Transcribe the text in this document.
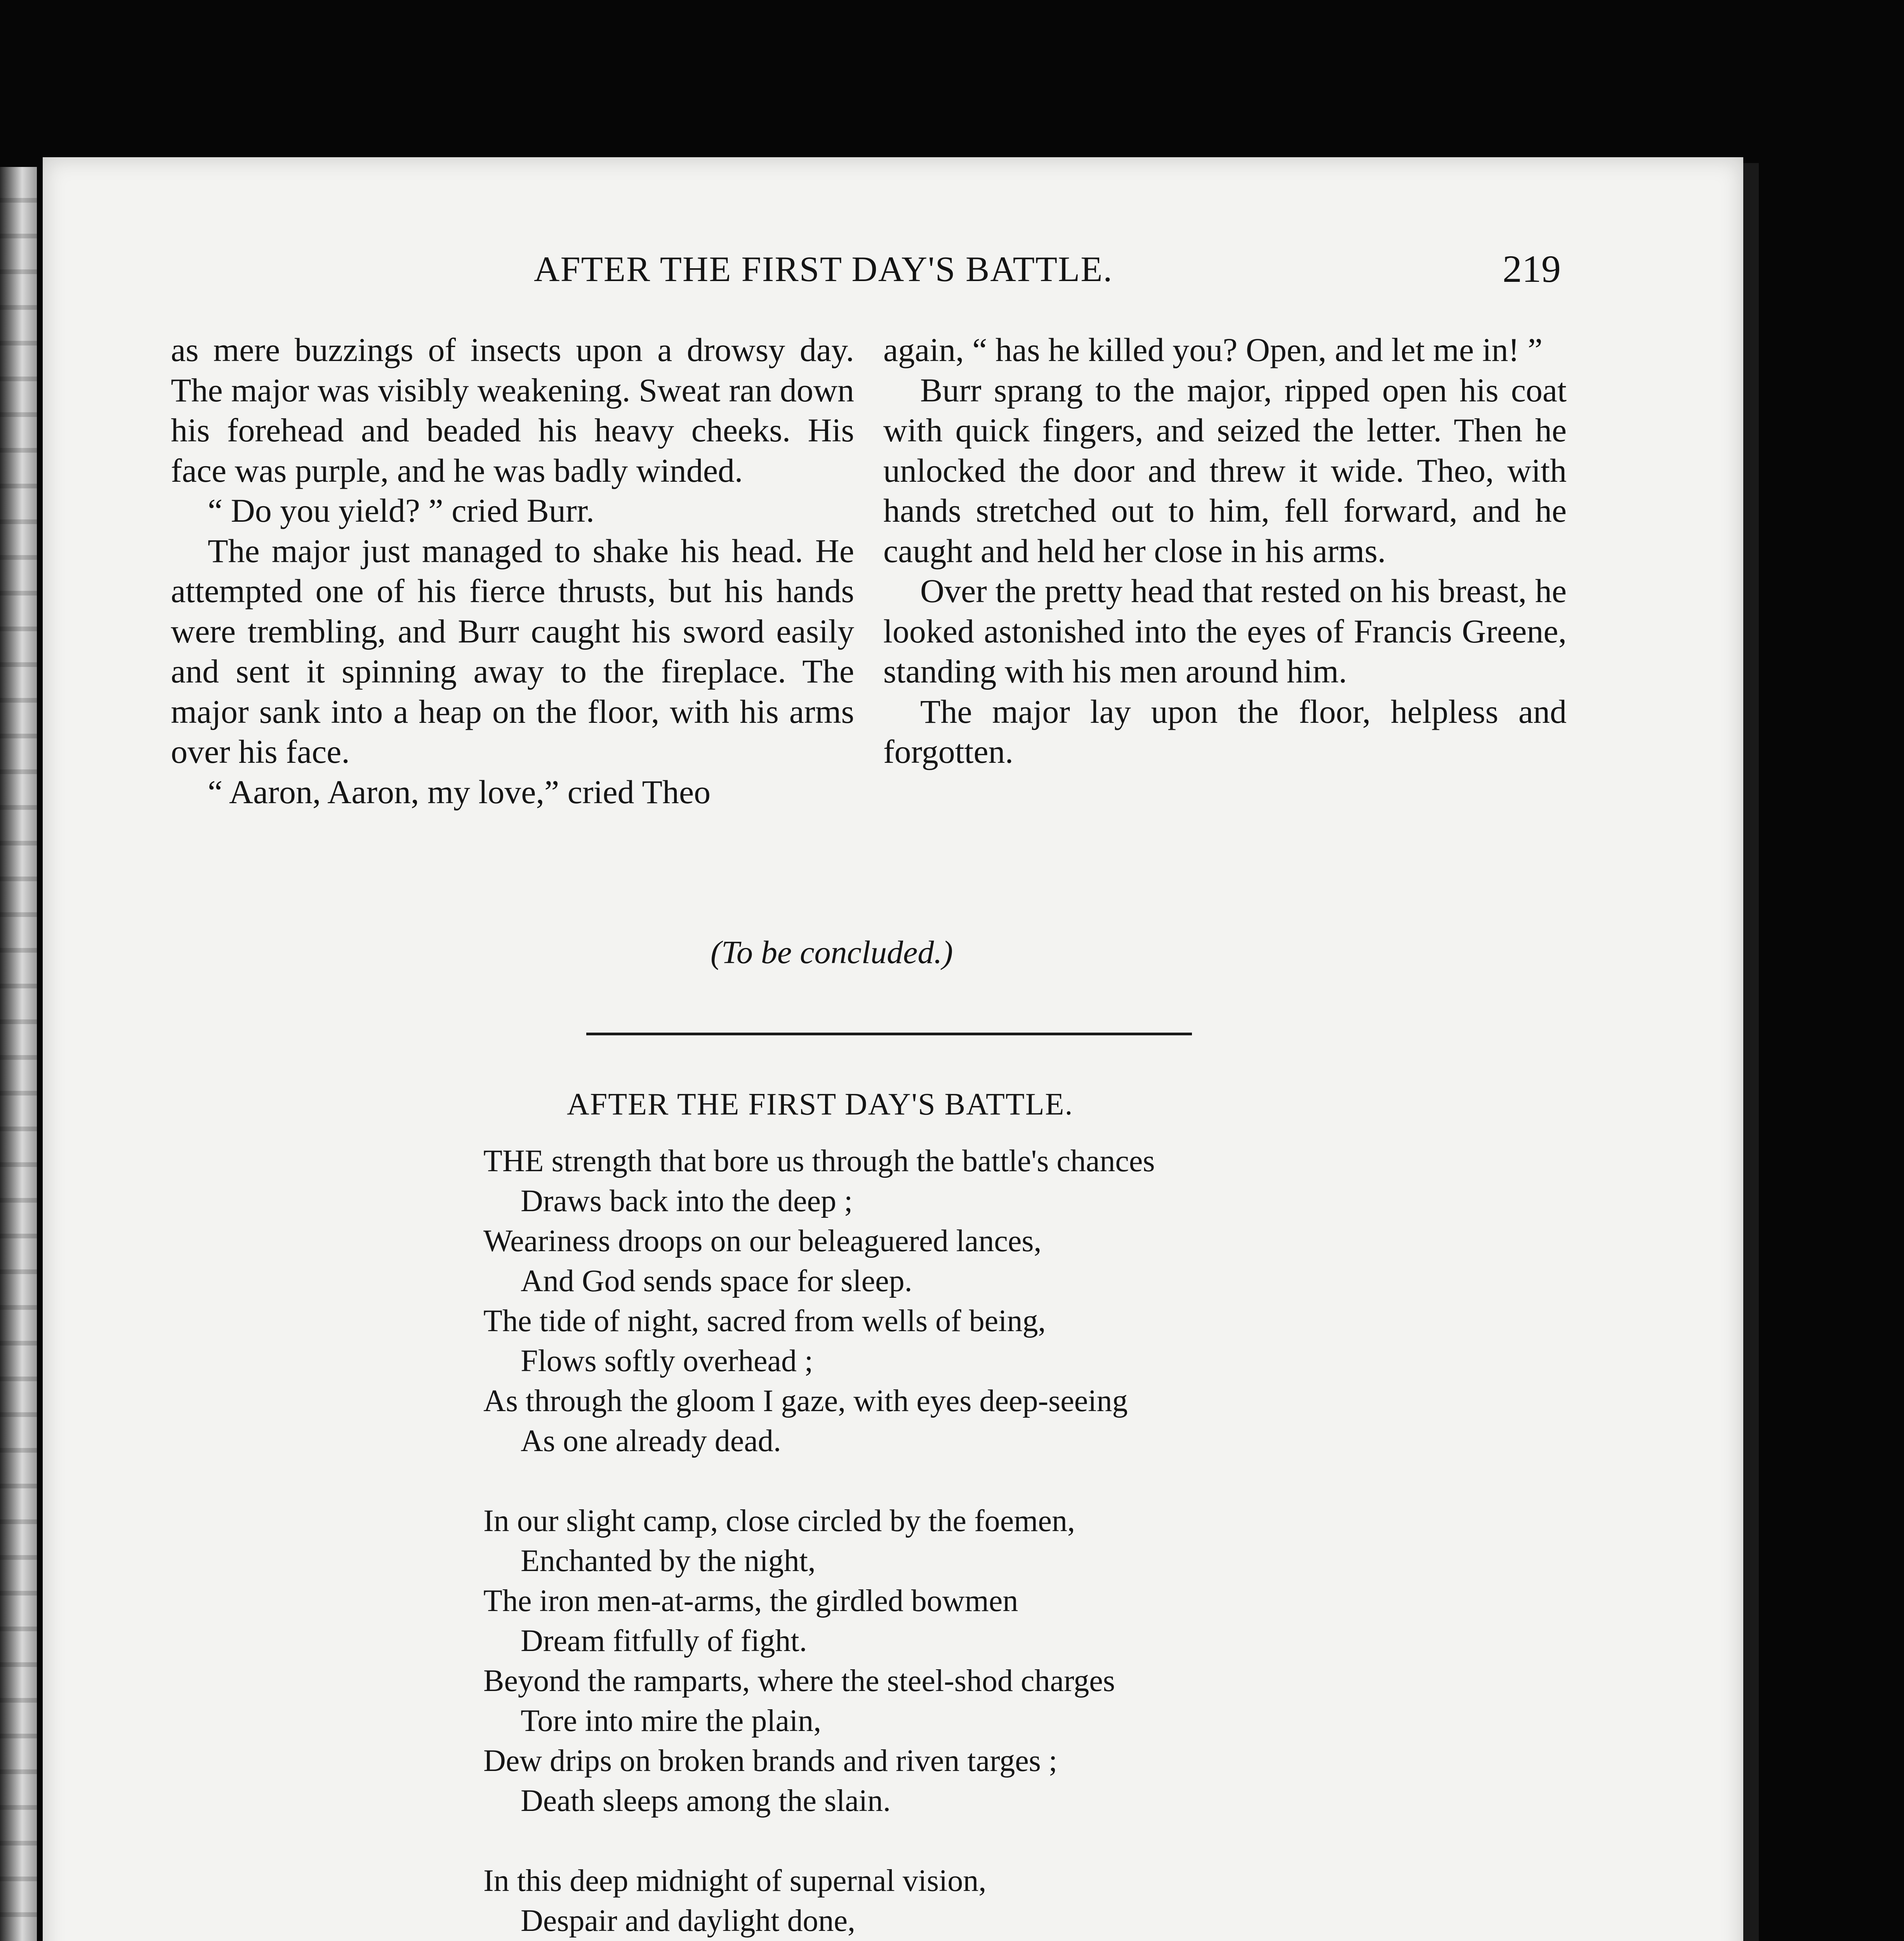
AFTER THE FIRST DAY'S BATTLE.	219

as mere buzzings of insects upon a drowsy day. The major was visibly weakening. Sweat ran down his forehead and beaded his heavy cheeks. His face was purple, and he was badly winded.

“ Do you yield? ” cried Burr.

The major just managed to shake his head. He attempted one of his fierce thrusts, but his hands were trembling, and Burr caught his sword easily and sent it spinning away to the fireplace. The major sank into a heap on the floor, with his arms over his face.

“ Aaron, Aaron, my love,” cried Theo

again, “ has he killed you? Open, and let me in! ”

Burr sprang to the major, ripped open his coat with quick fingers, and seized the letter. Then he unlocked the door and threw it wide. Theo, with hands stretched out to him, fell forward, and he caught and held her close in his arms.

Over the pretty head that rested on his breast, he looked astonished into the eyes of Francis Greene, standing with his men around him.

The major lay upon the floor, helpless and forgotten.

(To be concluded.)
AFTER THE FIRST DAY'S BATTLE.
THE strength that bore us through the battle's chances
Draws back into the deep ;
Weariness droops on our beleaguered lances,
And God sends space for sleep.
The tide of night, sacred from wells of being,
Flows softly overhead ;
As through the gloom I gaze, with eyes deep-seeing
As one already dead.
In our slight camp, close circled by the foemen,
Enchanted by the night,
The iron men-at-arms, the girdled bowmen
Dream fitfully of fight.
Beyond the ramparts, where the steel-shod charges
Tore into mire the plain,
Dew drips on broken brands and riven targes ;
Death sleeps among the slain.
In this deep midnight of supernal vision,
Despair and daylight done,
